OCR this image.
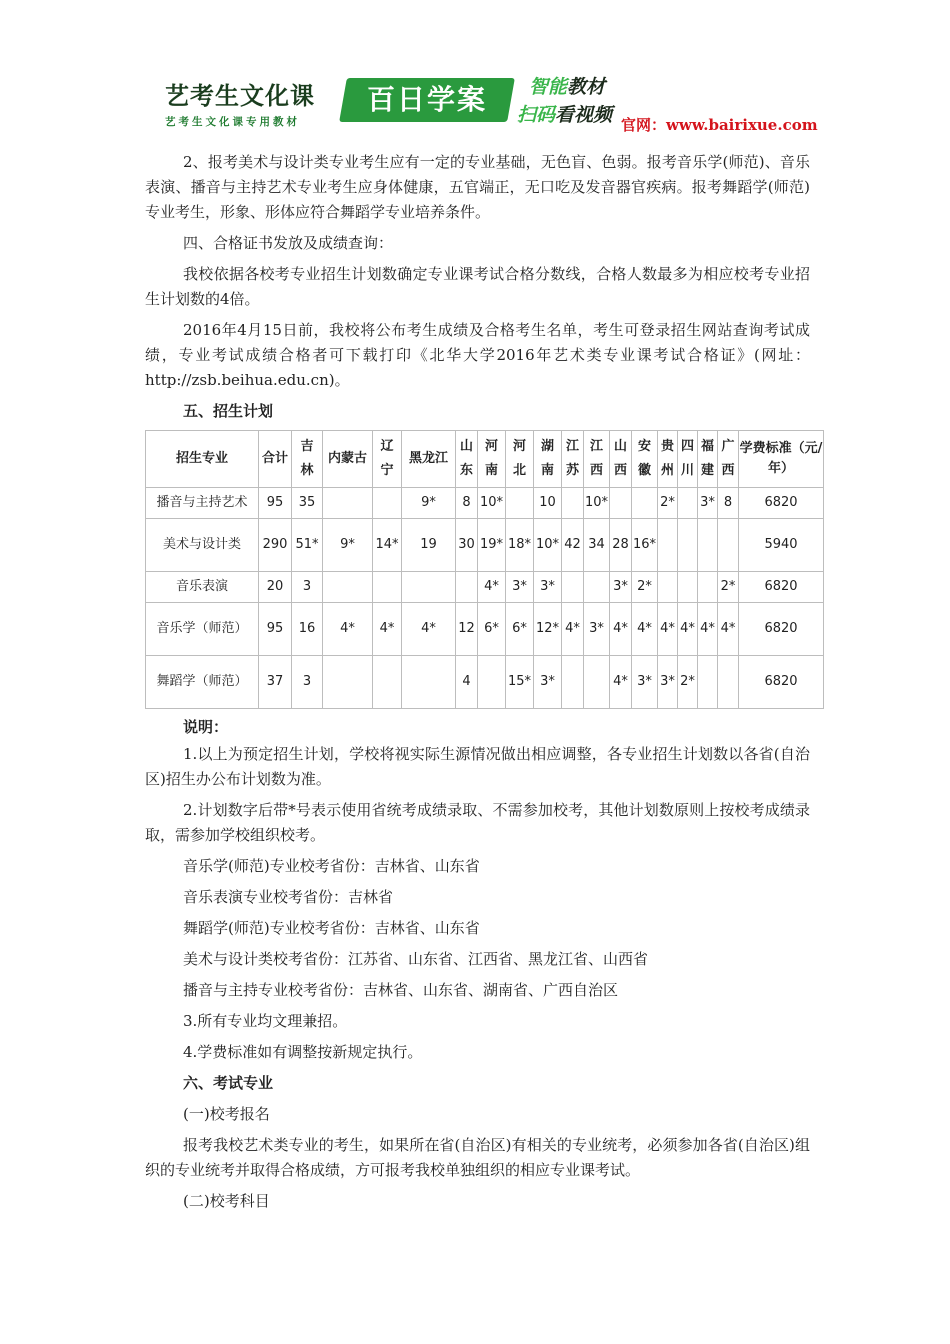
艺考生文化课
艺考生文化课专用教材
百日学案	智能教材
扫码看视频 官网：www.bairixue.com

2、报考美术与设计类专业考生应有一定的专业基础，无色盲、色弱。报考音乐学(师范)、音乐表演、播音与主持艺术专业考生应身体健康，五官端正，无口吃及发音器官疾病。报考舞蹈学(师范)专业考生，形象、形体应符合舞蹈学专业培养条件。

四、合格证书发放及成绩查询：

我校依据各校考专业招生计划数确定专业课考试合格分数线，合格人数最多为相应校考专业招生计划数的4倍。

2016年4月15日前，我校将公布考生成绩及合格考生名单，考生可登录招生网站查询考试成绩，专业考试成绩合格者可下载打印《北华大学2016年艺术类专业课考试合格证》(网址：http://zsb.beihua.edu.cn)。

五、招生计划
招生专业	合计	吉林	内蒙古	辽宁	黑龙江	山东	河南	河北	湖南	江苏	江西	山西	安徽	贵州	四川	福建	广西	学费标准（元/年）
播音与主持艺术	95	35			9*	8	10*		10		10*			2*		3*	8	6820
美术与设计类	290	51*	9*	14*	19	30	19*	18*	10*	42	34	28	16*					5940
音乐表演	20	3					4*	3*	3*			3*	2*				2*	6820
音乐学（师范）	95	16	4*	4*	4*	12	6*	6*	12*	4*	3*	4*	4*	4*	4*	4*	4*	6820
舞蹈学（师范）	37	3				4		15*	3*			4*	3*	3*	2*			6820
说明：

1.以上为预定招生计划，学校将视实际生源情况做出相应调整，各专业招生计划数以各省(自治区)招生办公布计划数为准。

2.计划数字后带*号表示使用省统考成绩录取、不需参加校考，其他计划数原则上按校考成绩录取，需参加学校组织校考。

音乐学(师范)专业校考省份：吉林省、山东省

音乐表演专业校考省份：吉林省

舞蹈学(师范)专业校考省份：吉林省、山东省

美术与设计类校考省份：江苏省、山东省、江西省、黑龙江省、山西省

播音与主持专业校考省份：吉林省、山东省、湖南省、广西自治区

3.所有专业均文理兼招。

4.学费标准如有调整按新规定执行。

六、考试专业

(一)校考报名

报考我校艺术类专业的考生，如果所在省(自治区)有相关的专业统考，必须参加各省(自治区)组织的专业统考并取得合格成绩，方可报考我校单独组织的相应专业课考试。

(二)校考科目
